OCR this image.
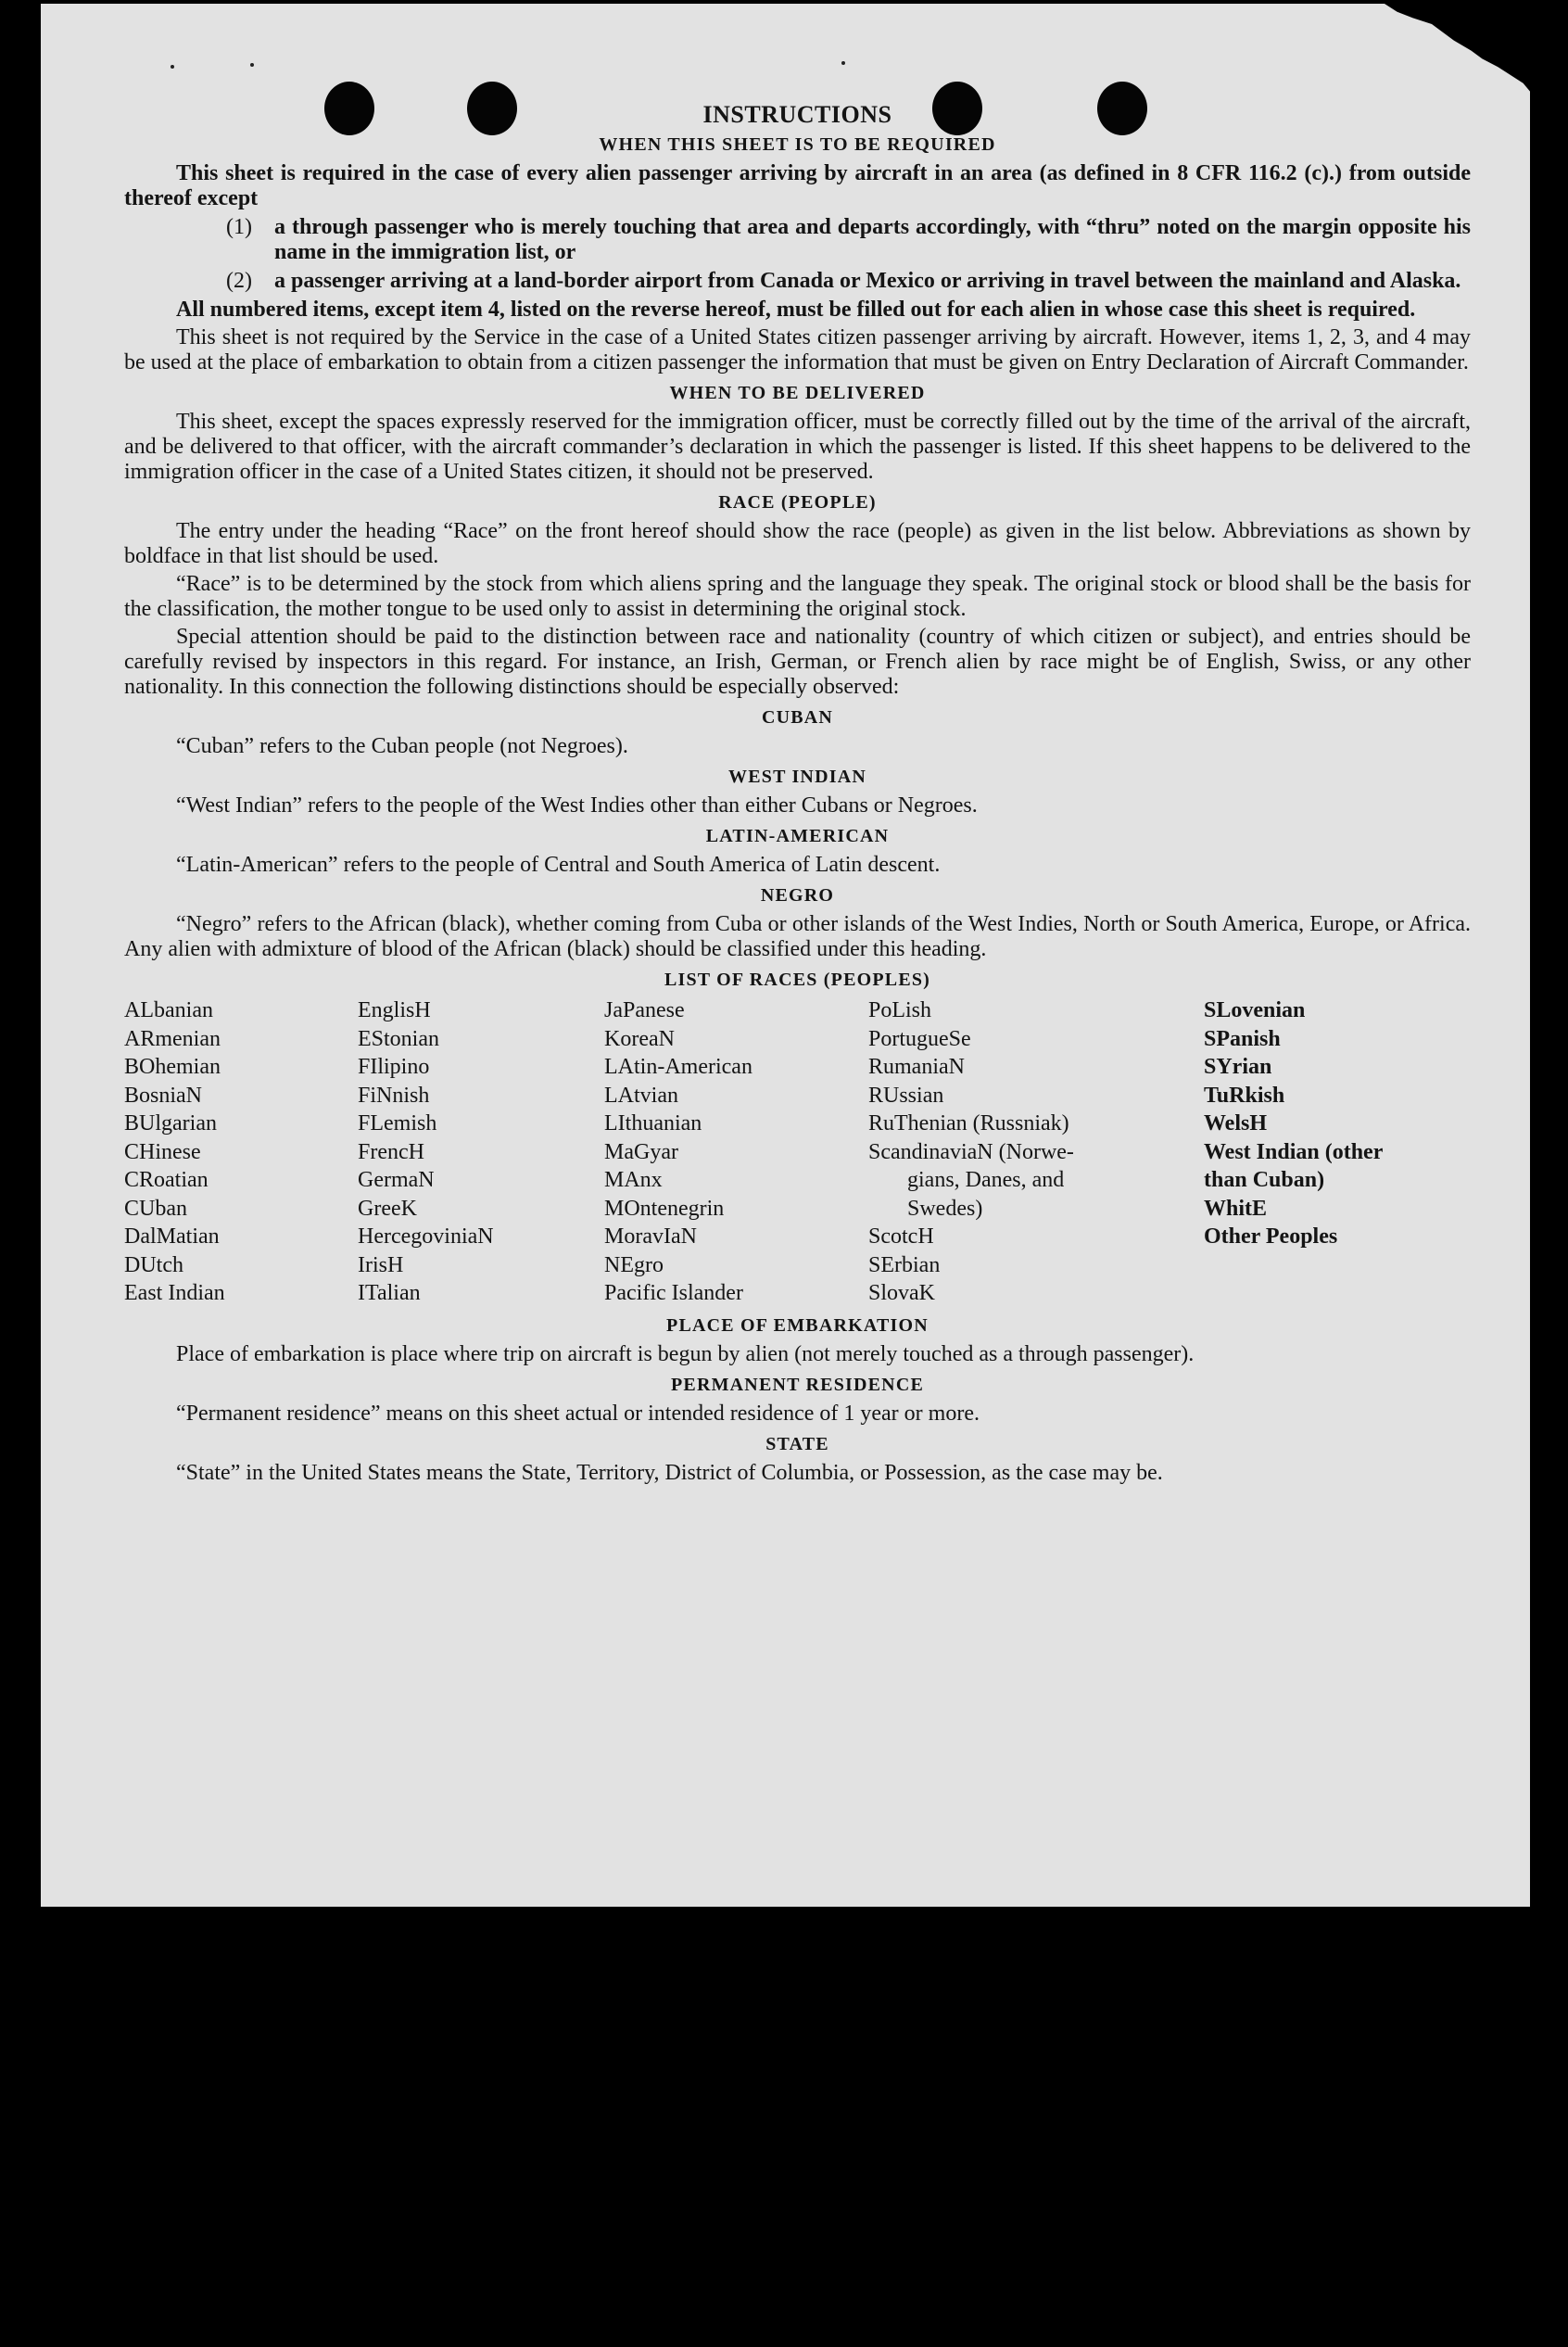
INSTRUCTIONS
WHEN THIS SHEET IS TO BE REQUIRED
This sheet is required in the case of every alien passenger arriving by aircraft in an area (as defined in 8 CFR 116.2 (c).) from outside thereof except
(1)	a through passenger who is merely touching that area and departs accordingly, with “thru” noted on the margin opposite his name in the immigration list, or
(2)	a passenger arriving at a land-border airport from Canada or Mexico or arriving in travel between the mainland and Alaska.
All numbered items, except item 4, listed on the reverse hereof, must be filled out for each alien in whose case this sheet is required.
This sheet is not required by the Service in the case of a United States citizen passenger arriving by aircraft. However, items 1, 2, 3, and 4 may be used at the place of embarkation to obtain from a citizen passenger the information that must be given on Entry Declaration of Aircraft Commander.
WHEN TO BE DELIVERED
This sheet, except the spaces expressly reserved for the immigration officer, must be correctly filled out by the time of the arrival of the aircraft, and be delivered to that officer, with the aircraft commander’s declaration in which the passenger is listed. If this sheet happens to be delivered to the immigration officer in the case of a United States citizen, it should not be preserved.
RACE (PEOPLE)
The entry under the heading “Race” on the front hereof should show the race (people) as given in the list below. Abbreviations as shown by boldface in that list should be used.
“Race” is to be determined by the stock from which aliens spring and the language they speak. The original stock or blood shall be the basis for the classification, the mother tongue to be used only to assist in determining the original stock.
Special attention should be paid to the distinction between race and nationality (country of which citizen or subject), and entries should be carefully revised by inspectors in this regard. For instance, an Irish, German, or French alien by race might be of English, Swiss, or any other nationality. In this connection the following distinctions should be especially observed:
CUBAN
“Cuban” refers to the Cuban people (not Negroes).
WEST INDIAN
“West Indian” refers to the people of the West Indies other than either Cubans or Negroes.
LATIN-AMERICAN
“Latin-American” refers to the people of Central and South America of Latin descent.
NEGRO
“Negro” refers to the African (black), whether coming from Cuba or other islands of the West Indies, North or South America, Europe, or Africa. Any alien with admixture of blood of the African (black) should be classified under this heading.
LIST OF RACES (PEOPLES)
ALbanian
ARmenian
BOhemian
BosniaN
BUlgarian
CHinese
CRoatian
CUban
DalMatian
DUtch
East Indian
EnglisH
EStonian
FIlipino
FiNnish
FLemish
FrencH
GermaN
GreeK
HercegoviniaN
IrisH
ITalian
JaPanese
KoreaN
LAtin-American
LAtvian
LIthuanian
MaGyar
MAnx
MOntenegrin
MoravIaN
NEgro
Pacific Islander
PoLish
PortugueSe
RumaniaN
RUssian
RuThenian (Russniak)
ScandinaviaN (Norwe-
gians, Danes, and
Swedes)
ScotcH
SErbian
SlovaK
SLovenian
SPanish
SYrian
TuRkish
WelsH
West Indian (other
than Cuban)
WhitE
Other Peoples
PLACE OF EMBARKATION
Place of embarkation is place where trip on aircraft is begun by alien (not merely touched as a through passenger).
PERMANENT RESIDENCE
“Permanent residence” means on this sheet actual or intended residence of 1 year or more.
STATE
“State” in the United States means the State, Territory, District of Columbia, or Possession, as the case may be.
